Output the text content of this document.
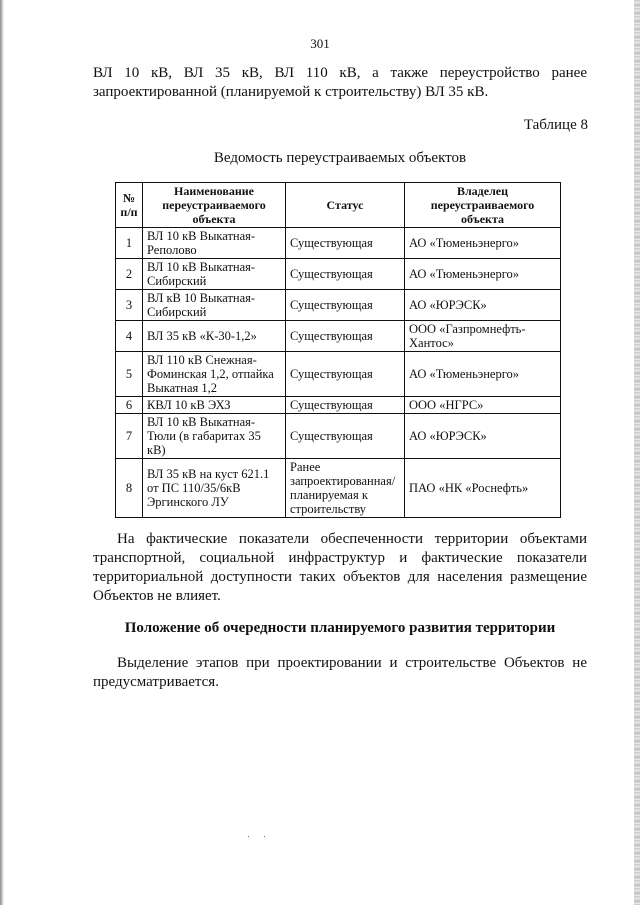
301

ВЛ 10 кВ, ВЛ 35 кВ, ВЛ 110 кВ, а также переустройство ранее запроектированной (планируемой к строительству) ВЛ 35 кВ.

Таблице 8
Ведомость переустраиваемых объектов
№ п/п	Наименование переустраиваемого объекта	Статус	Владелец переустраиваемого объекта
1	ВЛ 10 кВ Выкатная-Реполово	Существующая	АО «Тюменьэнерго»
2	ВЛ 10 кВ Выкатная-Сибирский	Существующая	АО «Тюменьэнерго»
3	ВЛ кВ 10 Выкатная-Сибирский	Существующая	АО «ЮРЭСК»
4	ВЛ 35 кВ «К-30-1,2»	Существующая	ООО «Газпромнефть-Хантос»
5	ВЛ 110 кВ Снежная-Фоминская 1,2, отпайка Выкатная 1,2	Существующая	АО «Тюменьэнерго»
6	КВЛ 10 кВ ЭХЗ	Существующая	ООО «НГРС»
7	ВЛ 10 кВ Выкатная-Тюли (в габаритах 35 кВ)	Существующая	АО «ЮРЭСК»
8	ВЛ 35 кВ на куст 621.1 от ПС 110/35/6кВ Эргинского ЛУ	Ранее запроектированная/ планируемая к строительству	ПАО «НК «Роснефть»

На фактические показатели обеспеченности территории объектами транспортной, социальной инфраструктур и фактические показатели территориальной доступности таких объектов для населения размещение Объектов не влияет.

Положение об очередности планируемого развития территории

Выделение этапов при проектировании и строительстве Объектов не предусматривается.
